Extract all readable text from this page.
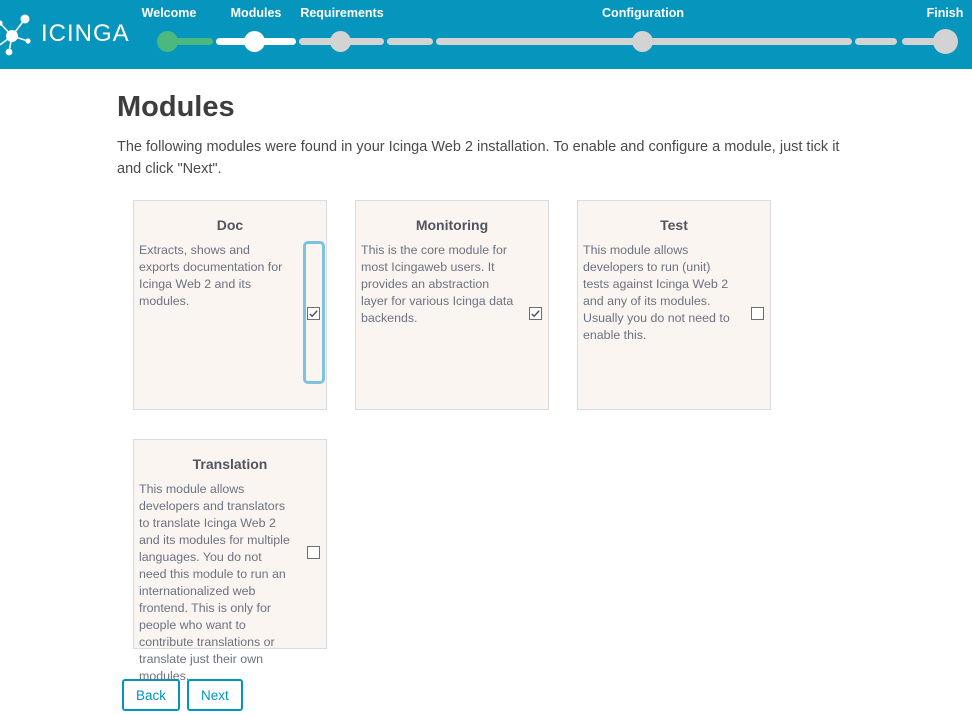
ICINGA
Welcome	Modules Requirements	Configuration	Finish
Modules

The following modules were found in your Icinga Web 2 installation. To enable and configure a module, just tick it and click "Next".

Doc
Extracts, shows and exports documentation for Icinga Web 2 and its modules.
Monitoring
This is the core module for most Icingaweb users. It provides an abstraction layer for various Icinga data backends.
Test
This module allows developers to run (unit) tests against Icinga Web 2 and any of its modules. Usually you do not need to enable this.
Translation
This module allows developers and translators to translate Icinga Web 2 and its modules for multiple languages. You do not need this module to run an internationalized web frontend. This is only for people who want to contribute translations or translate just their own modules.
Back	Next
